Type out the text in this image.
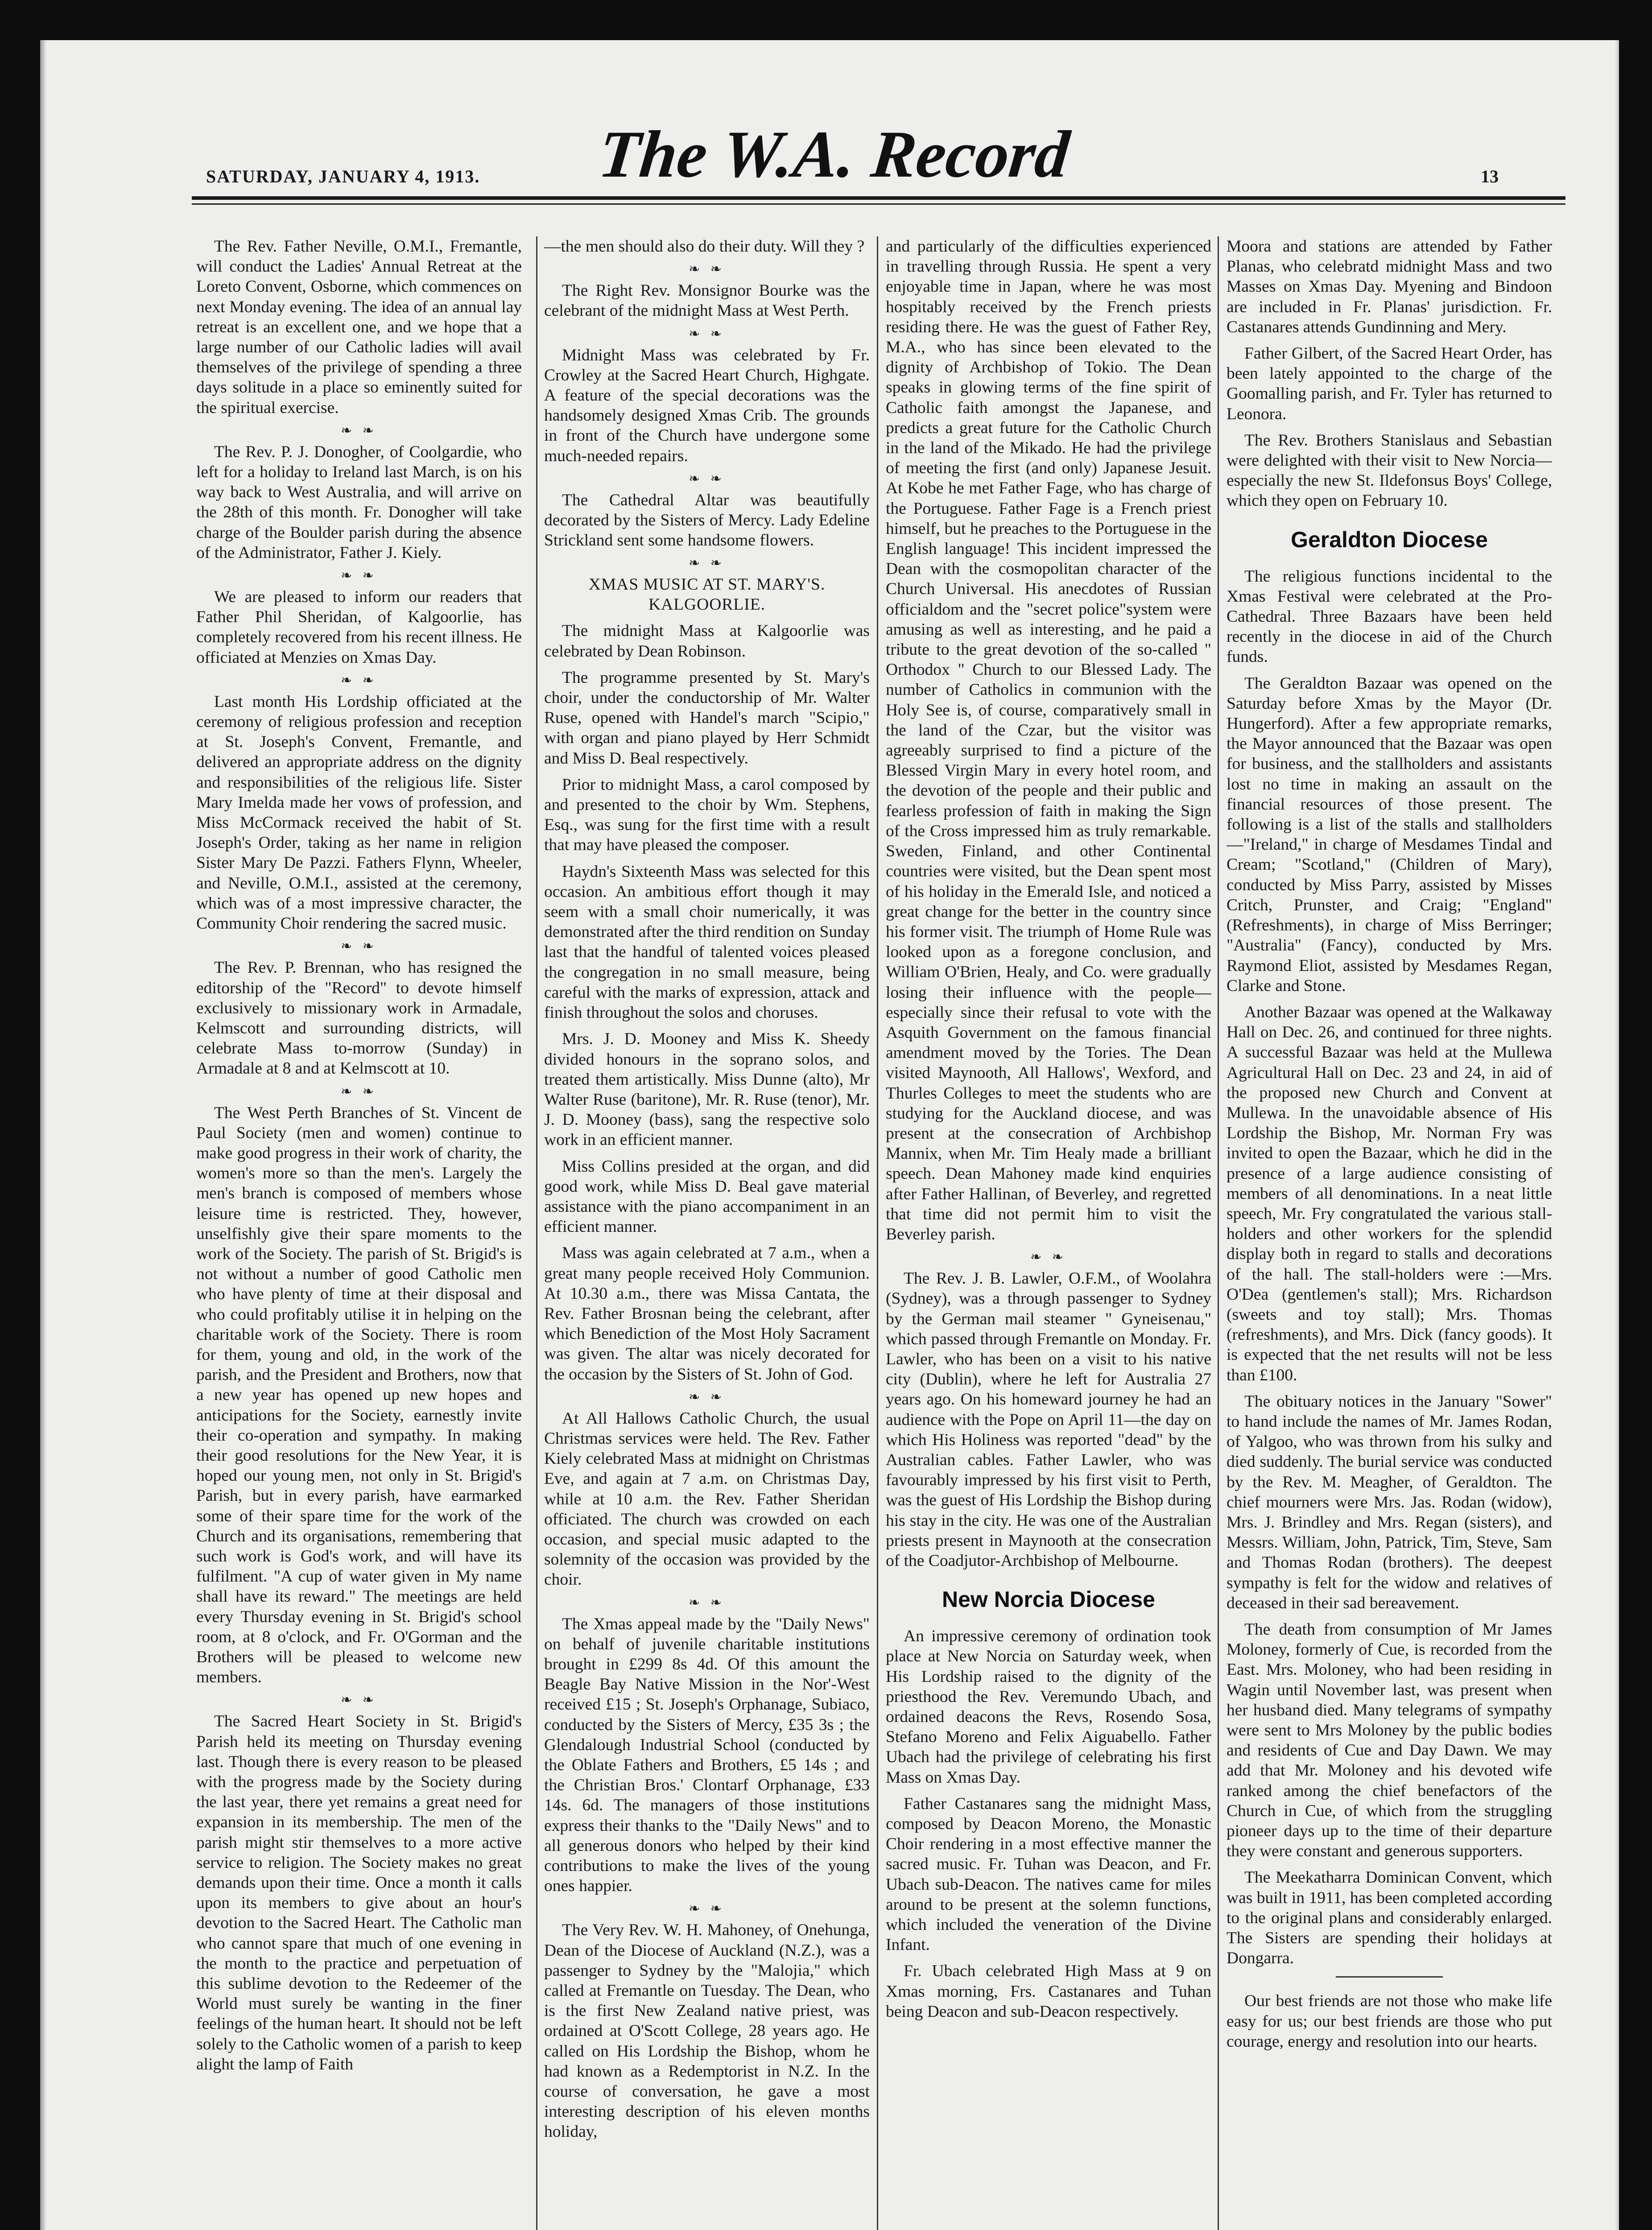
SATURDAY, JANUARY 4, 1913.	The W.A. Record	13

The Rev. Father Neville, O.M.I., Fremantle, will conduct the Ladies' Annual Retreat at the Loreto Convent, Osborne, which commences on next Monday evening. The idea of an annual lay retreat is an excellent one, and we hope that a large number of our Catholic ladies will avail themselves of the privilege of spending a three days solitude in a place so eminently suited for the spiritual exercise.

❧ ❧

The Rev. P. J. Donogher, of Coolgardie, who left for a holiday to Ireland last March, is on his way back to West Australia, and will arrive on the 28th of this month. Fr. Donogher will take charge of the Boulder parish during the absence of the Administrator, Father J. Kiely.

❧ ❧

We are pleased to inform our readers that Father Phil Sheridan, of Kalgoorlie, has completely recovered from his recent illness. He officiated at Menzies on Xmas Day.

❧ ❧

Last month His Lordship officiated at the ceremony of religious profession and reception at St. Joseph's Convent, Fremantle, and delivered an appropriate address on the dignity and responsibilities of the religious life. Sister Mary Imelda made her vows of profession, and Miss McCormack received the habit of St. Joseph's Order, taking as her name in religion Sister Mary De Pazzi. Fathers Flynn, Wheeler, and Neville, O.M.I., assisted at the ceremony, which was of a most impressive character, the Community Choir rendering the sacred music.

❧ ❧

The Rev. P. Brennan, who has resigned the editorship of the "Record" to devote himself exclusively to missionary work in Armadale, Kelmscott and surrounding districts, will celebrate Mass to-morrow (Sunday) in Armadale at 8 and at Kelmscott at 10.

❧ ❧

The West Perth Branches of St. Vincent de Paul Society (men and women) continue to make good progress in their work of charity, the women's more so than the men's. Largely the men's branch is composed of members whose leisure time is restricted. They, however, unselfishly give their spare moments to the work of the Society. The parish of St. Brigid's is not without a number of good Catholic men who have plenty of time at their disposal and who could profitably utilise it in helping on the charitable work of the Society. There is room for them, young and old, in the work of the parish, and the President and Brothers, now that a new year has opened up new hopes and anticipations for the Society, earnestly invite their co-operation and sympathy. In making their good resolutions for the New Year, it is hoped our young men, not only in St. Brigid's Parish, but in every parish, have earmarked some of their spare time for the work of the Church and its organisations, remembering that such work is God's work, and will have its fulfilment. "A cup of water given in My name shall have its reward." The meetings are held every Thursday evening in St. Brigid's school room, at 8 o'clock, and Fr. O'Gorman and the Brothers will be pleased to welcome new members.

❧ ❧

The Sacred Heart Society in St. Brigid's Parish held its meeting on Thursday evening last. Though there is every reason to be pleased with the progress made by the Society during the last year, there yet remains a great need for expansion in its membership. The men of the parish might stir themselves to a more active service to religion. The Society makes no great demands upon their time. Once a month it calls upon its members to give about an hour's devotion to the Sacred Heart. The Catholic man who cannot spare that much of one evening in the month to the practice and perpetuation of this sublime devotion to the Redeemer of the World must surely be wanting in the finer feelings of the human heart. It should not be left solely to the Catholic women of a parish to keep alight the lamp of Faith

—the men should also do their duty. Will they ?

❧ ❧

The Right Rev. Monsignor Bourke was the celebrant of the midnight Mass at West Perth.

❧ ❧

Midnight Mass was celebrated by Fr. Crowley at the Sacred Heart Church, Highgate. A feature of the special decorations was the handsomely designed Xmas Crib. The grounds in front of the Church have undergone some much-needed repairs.

❧ ❧

The Cathedral Altar was beautifully decorated by the Sisters of Mercy. Lady Edeline Strickland sent some handsome flowers.

❧ ❧
XMAS MUSIC AT ST. MARY'S. KALGOORLIE.

The midnight Mass at Kalgoorlie was celebrated by Dean Robinson.

The programme presented by St. Mary's choir, under the conductorship of Mr. Walter Ruse, opened with Handel's march "Scipio," with organ and piano played by Herr Schmidt and Miss D. Beal respectively.

Prior to midnight Mass, a carol composed by and presented to the choir by Wm. Stephens, Esq., was sung for the first time with a result that may have pleased the composer.

Haydn's Sixteenth Mass was selected for this occasion. An ambitious effort though it may seem with a small choir numerically, it was demonstrated after the third rendition on Sunday last that the handful of talented voices pleased the congregation in no small measure, being careful with the marks of expression, attack and finish throughout the solos and choruses.

Mrs. J. D. Mooney and Miss K. Sheedy divided honours in the soprano solos, and treated them artistically. Miss Dunne (alto), Mr Walter Ruse (baritone), Mr. R. Ruse (tenor), Mr. J. D. Mooney (bass), sang the respective solo work in an efficient manner.

Miss Collins presided at the organ, and did good work, while Miss D. Beal gave material assistance with the piano accompaniment in an efficient manner.

Mass was again celebrated at 7 a.m., when a great many people received Holy Communion. At 10.30 a.m., there was Missa Cantata, the Rev. Father Brosnan being the celebrant, after which Benediction of the Most Holy Sacrament was given. The altar was nicely decorated for the occasion by the Sisters of St. John of God.

❧ ❧

At All Hallows Catholic Church, the usual Christmas services were held. The Rev. Father Kiely celebrated Mass at midnight on Christmas Eve, and again at 7 a.m. on Christmas Day, while at 10 a.m. the Rev. Father Sheridan officiated. The church was crowded on each occasion, and special music adapted to the solemnity of the occasion was provided by the choir.

❧ ❧

The Xmas appeal made by the "Daily News" on behalf of juvenile charitable institutions brought in £299 8s 4d. Of this amount the Beagle Bay Native Mission in the Nor'-West received £15 ; St. Joseph's Orphanage, Subiaco, conducted by the Sisters of Mercy, £35 3s ; the Glendalough Industrial School (conducted by the Oblate Fathers and Brothers, £5 14s ; and the Christian Bros.' Clontarf Orphanage, £33 14s. 6d. The managers of those institutions express their thanks to the "Daily News" and to all generous donors who helped by their kind contributions to make the lives of the young ones happier.

❧ ❧

The Very Rev. W. H. Mahoney, of Onehunga, Dean of the Diocese of Auckland (N.Z.), was a passenger to Sydney by the "Malojia," which called at Fremantle on Tuesday. The Dean, who is the first New Zealand native priest, was ordained at O'Scott College, 28 years ago. He called on His Lordship the Bishop, whom he had known as a Redemptorist in N.Z. In the course of conversation, he gave a most interesting description of his eleven months holiday,

and particularly of the difficulties experienced in travelling through Russia. He spent a very enjoyable time in Japan, where he was most hospitably received by the French priests residing there. He was the guest of Father Rey, M.A., who has since been elevated to the dignity of Archbishop of Tokio. The Dean speaks in glowing terms of the fine spirit of Catholic faith amongst the Japanese, and predicts a great future for the Catholic Church in the land of the Mikado. He had the privilege of meeting the first (and only) Japanese Jesuit. At Kobe he met Father Fage, who has charge of the Portuguese. Father Fage is a French priest himself, but he preaches to the Portuguese in the English language! This incident impressed the Dean with the cosmopolitan character of the Church Universal. His anecdotes of Russian officialdom and the "secret police"system were amusing as well as interesting, and he paid a tribute to the great devotion of the so-called " Orthodox " Church to our Blessed Lady. The number of Catholics in communion with the Holy See is, of course, comparatively small in the land of the Czar, but the visitor was agreeably surprised to find a picture of the Blessed Virgin Mary in every hotel room, and the devotion of the people and their public and fearless profession of faith in making the Sign of the Cross impressed him as truly remarkable. Sweden, Finland, and other Continental countries were visited, but the Dean spent most of his holiday in the Emerald Isle, and noticed a great change for the better in the country since his former visit. The triumph of Home Rule was looked upon as a foregone conclusion, and William O'Brien, Healy, and Co. were gradually losing their influence with the people—especially since their refusal to vote with the Asquith Government on the famous financial amendment moved by the Tories. The Dean visited Maynooth, All Hallows', Wexford, and Thurles Colleges to meet the students who are studying for the Auckland diocese, and was present at the consecration of Archbishop Mannix, when Mr. Tim Healy made a brilliant speech. Dean Mahoney made kind enquiries after Father Hallinan, of Beverley, and regretted that time did not permit him to visit the Beverley parish.

❧ ❧

The Rev. J. B. Lawler, O.F.M., of Woolahra (Sydney), was a through passenger to Sydney by the German mail steamer " Gyneisenau," which passed through Fremantle on Monday. Fr. Lawler, who has been on a visit to his native city (Dublin), where he left for Australia 27 years ago. On his homeward journey he had an audience with the Pope on April 11—the day on which His Holiness was reported "dead" by the Australian cables. Father Lawler, who was favourably impressed by his first visit to Perth, was the guest of His Lordship the Bishop during his stay in the city. He was one of the Australian priests present in Maynooth at the consecration of the Coadjutor-Archbishop of Melbourne.

New Norcia Diocese

An impressive ceremony of ordination took place at New Norcia on Saturday week, when His Lordship raised to the dignity of the priesthood the Rev. Veremundo Ubach, and ordained deacons the Revs, Rosendo Sosa, Stefano Moreno and Felix Aiguabello. Father Ubach had the privilege of celebrating his first Mass on Xmas Day.

Father Castanares sang the midnight Mass, composed by Deacon Moreno, the Monastic Choir rendering in a most effective manner the sacred music. Fr. Tuhan was Deacon, and Fr. Ubach sub-Deacon. The natives came for miles around to be present at the solemn functions, which included the veneration of the Divine Infant.

Fr. Ubach celebrated High Mass at 9 on Xmas morning, Frs. Castanares and Tuhan being Deacon and sub-Deacon respectively.

Moora and stations are attended by Father Planas, who celebratd midnight Mass and two Masses on Xmas Day. Myening and Bindoon are included in Fr. Planas' jurisdiction. Fr. Castanares attends Gundinning and Mery.

Father Gilbert, of the Sacred Heart Order, has been lately appointed to the charge of the Goomalling parish, and Fr. Tyler has returned to Leonora.

The Rev. Brothers Stanislaus and Sebastian were delighted with their visit to New Norcia—especially the new St. Ildefonsus Boys' College, which they open on February 10.

Geraldton Diocese

The religious functions incidental to the Xmas Festival were celebrated at the Pro-Cathedral. Three Bazaars have been held recently in the diocese in aid of the Church funds.

The Geraldton Bazaar was opened on the Saturday before Xmas by the Mayor (Dr. Hungerford). After a few appropriate remarks, the Mayor announced that the Bazaar was open for business, and the stallholders and assistants lost no time in making an assault on the financial resources of those present. The following is a list of the stalls and stallholders —"Ireland," in charge of Mesdames Tindal and Cream; "Scotland," (Children of Mary), conducted by Miss Parry, assisted by Misses Critch, Prunster, and Craig; "England" (Refreshments), in charge of Miss Berringer; "Australia" (Fancy), conducted by Mrs. Raymond Eliot, assisted by Mesdames Regan, Clarke and Stone.

Another Bazaar was opened at the Walkaway Hall on Dec. 26, and continued for three nights. A successful Bazaar was held at the Mullewa Agricultural Hall on Dec. 23 and 24, in aid of the proposed new Church and Convent at Mullewa. In the unavoidable absence of His Lordship the Bishop, Mr. Norman Fry was invited to open the Bazaar, which he did in the presence of a large audience consisting of members of all denominations. In a neat little speech, Mr. Fry congratulated the various stall-holders and other workers for the splendid display both in regard to stalls and decorations of the hall. The stall-holders were :—Mrs. O'Dea (gentlemen's stall); Mrs. Richardson (sweets and toy stall); Mrs. Thomas (refreshments), and Mrs. Dick (fancy goods). It is expected that the net results will not be less than £100.

The obituary notices in the January "Sower" to hand include the names of Mr. James Rodan, of Yalgoo, who was thrown from his sulky and died suddenly. The burial service was conducted by the Rev. M. Meagher, of Geraldton. The chief mourners were Mrs. Jas. Rodan (widow), Mrs. J. Brindley and Mrs. Regan (sisters), and Messrs. William, John, Patrick, Tim, Steve, Sam and Thomas Rodan (brothers). The deepest sympathy is felt for the widow and relatives of deceased in their sad bereavement.

The death from consumption of Mr James Moloney, formerly of Cue, is recorded from the East. Mrs. Moloney, who had been residing in Wagin until November last, was present when her husband died. Many telegrams of sympathy were sent to Mrs Moloney by the public bodies and residents of Cue and Day Dawn. We may add that Mr. Moloney and his devoted wife ranked among the chief benefactors of the Church in Cue, of which from the struggling pioneer days up to the time of their departure they were constant and generous supporters.

The Meekatharra Dominican Convent, which was built in 1911, has been completed according to the original plans and considerably enlarged. The Sisters are spending their holidays at Dongarra.

Our best friends are not those who make life easy for us; our best friends are those who put courage, energy and resolution into our hearts.
